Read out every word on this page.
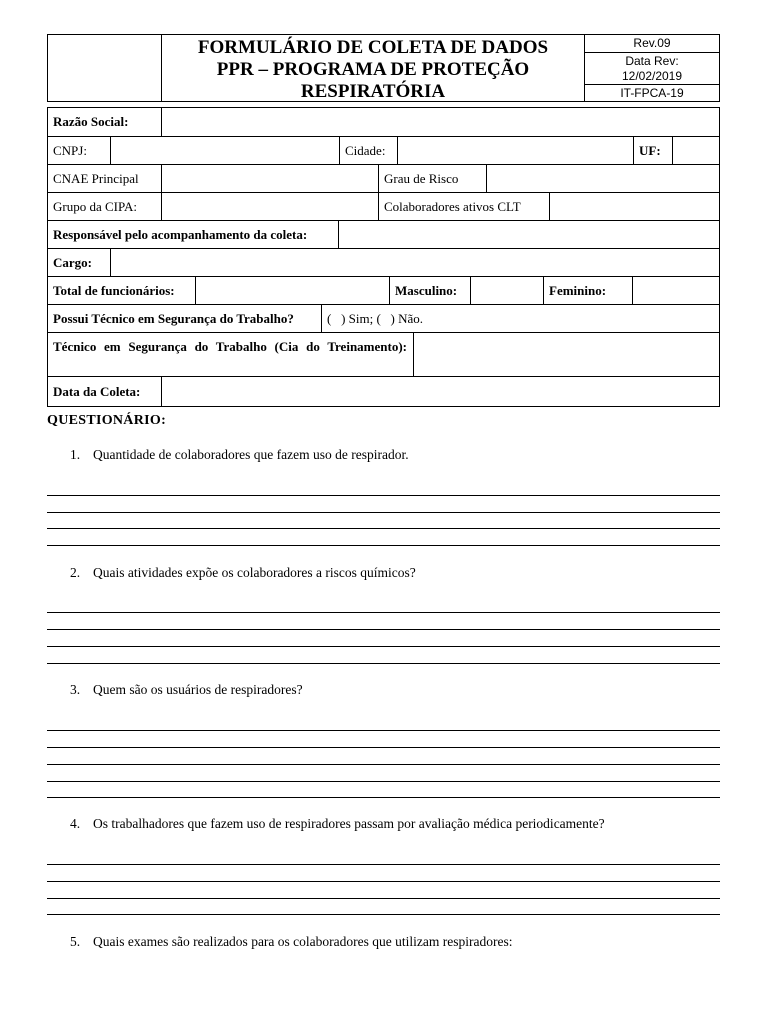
FORMULÁRIO DE COLETA DE DADOS
PPR – PROGRAMA DE PROTEÇÃO
RESPIRATÓRIA
Rev.09
Data Rev:
12/02/2019
IT-FPCA-19
Razão Social:
CNPJ:	Cidade:	UF:
CNAE Principal	Grau de Risco
Grupo da CIPA:	Colaboradores ativos CLT
Responsável pelo acompanhamento da coleta:
Cargo:
Total de funcionários:	Masculino:	Feminino:
Possui Técnico em Segurança do Trabalho?	(   ) Sim; (   ) Não.
Técnico em Segurança do Trabalho (Cia do Treinamento):
Data da Coleta:
QUESTIONÁRIO:
1. Quantidade de colaboradores que fazem uso de respirador.
2. Quais atividades expõe os colaboradores a riscos químicos?
3. Quem são os usuários de respiradores?
4. Os trabalhadores que fazem uso de respiradores passam por avaliação médica periodicamente?
5. Quais exames são realizados para os colaboradores que utilizam respiradores:
